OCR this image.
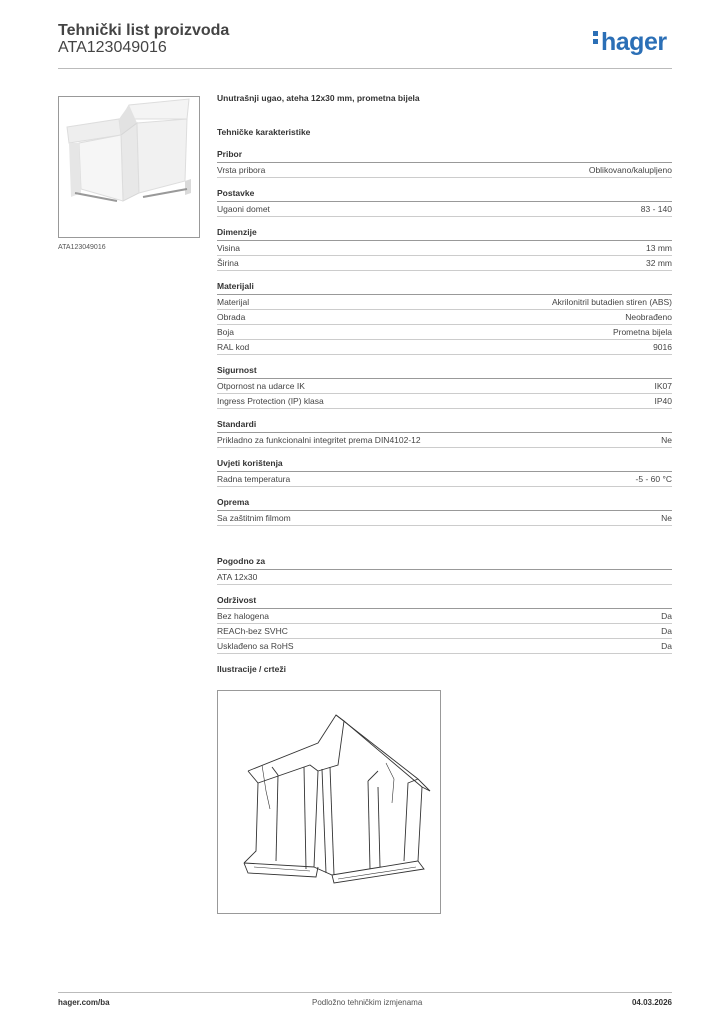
Tehnički list proizvoda
ATA123049016	hager
ATA123049016
Unutrašnji ugao, ateha 12x30 mm, prometna bijela
Tehničke karakteristike
Pribor
Vrsta pribora	Oblikovano/kalupljeno
Postavke
Ugaoni domet	83 - 140
Dimenzije
Visina	13 mm
Širina	32 mm
Materijali
Materijal	Akrilonitril butadien stiren (ABS)
Obrada	Neobrađeno
Boja	Prometna bijela
RAL kod	9016
Sigurnost
Otpornost na udarce IK	IK07
Ingress Protection (IP) klasa	IP40
Standardi
Prikladno za funkcionalni integritet prema DIN4102-12	Ne
Uvjeti korištenja
Radna temperatura	-5 - 60 °C
Oprema
Sa zaštitnim filmom	Ne
Pogodno za
ATA 12x30
Održivost
Bez halogena	Da
REACh-bez SVHC	Da
Usklađeno sa RoHS	Da
Ilustracije / crteži
hager.com/ba	Podložno tehničkim izmjenama	04.03.2026
